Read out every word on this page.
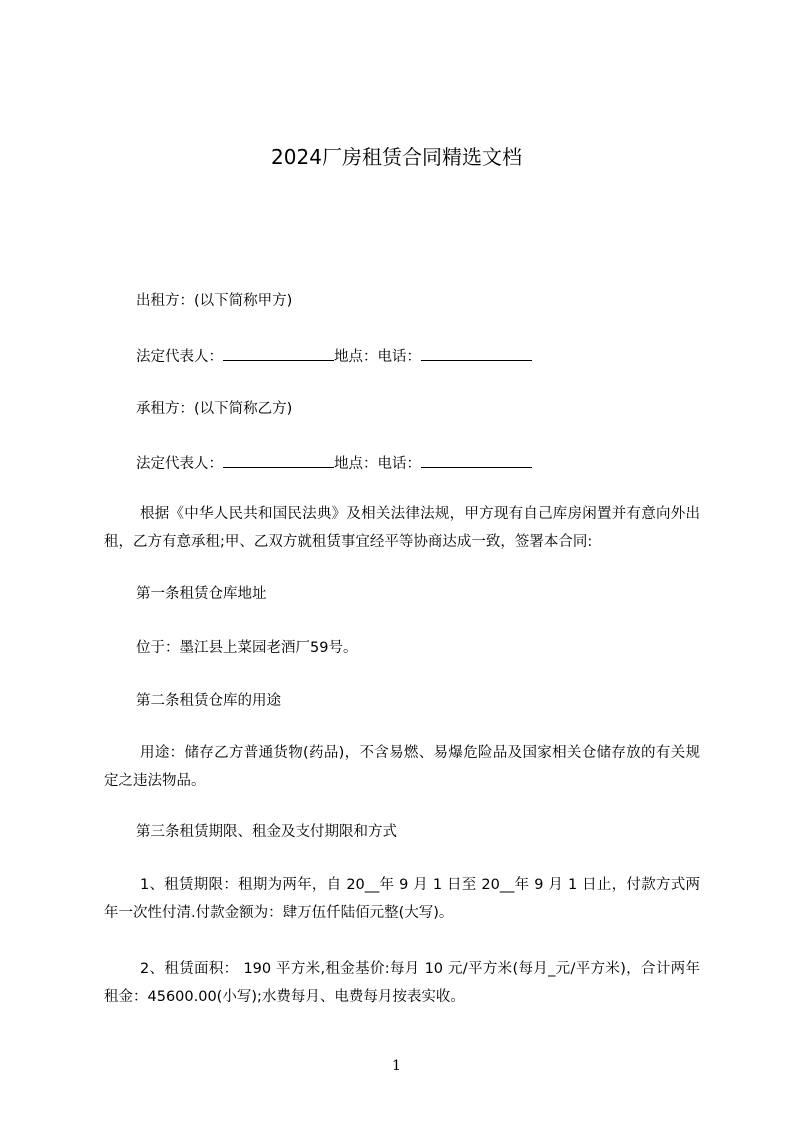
2024厂房租赁合同精选文档
出租方：(以下简称甲方)
法定代表人：	地点：电话：
承租方：(以下简称乙方)
法定代表人：	地点：电话：
根据《中华人民共和国民法典》及相关法律法规，甲方现有自己库房闲置并有意向外出租，乙方有意承租;甲、乙双方就租赁事宜经平等协商达成一致，签署本合同:
第一条租赁仓库地址
位于：墨江县上菜园老酒厂59号。
第二条租赁仓库的用途
用途：储存乙方普通货物(药品)，不含易燃、易爆危险品及国家相关仓储存放的有关规定之违法物品。
第三条租赁期限、租金及支付期限和方式
1、租赁期限：租期为两年，自 20__年 9 月 1 日至 20__年 9 月 1 日止，付款方式两年一次性付清.付款金额为：肆万伍仟陆佰元整(大写)。
2、租赁面积： 190 平方米,租金基价:每月 10 元/平方米(每月_元/平方米)，合计两年租金：45600.00(小写);水费每月、电费每月按表实收。
1
